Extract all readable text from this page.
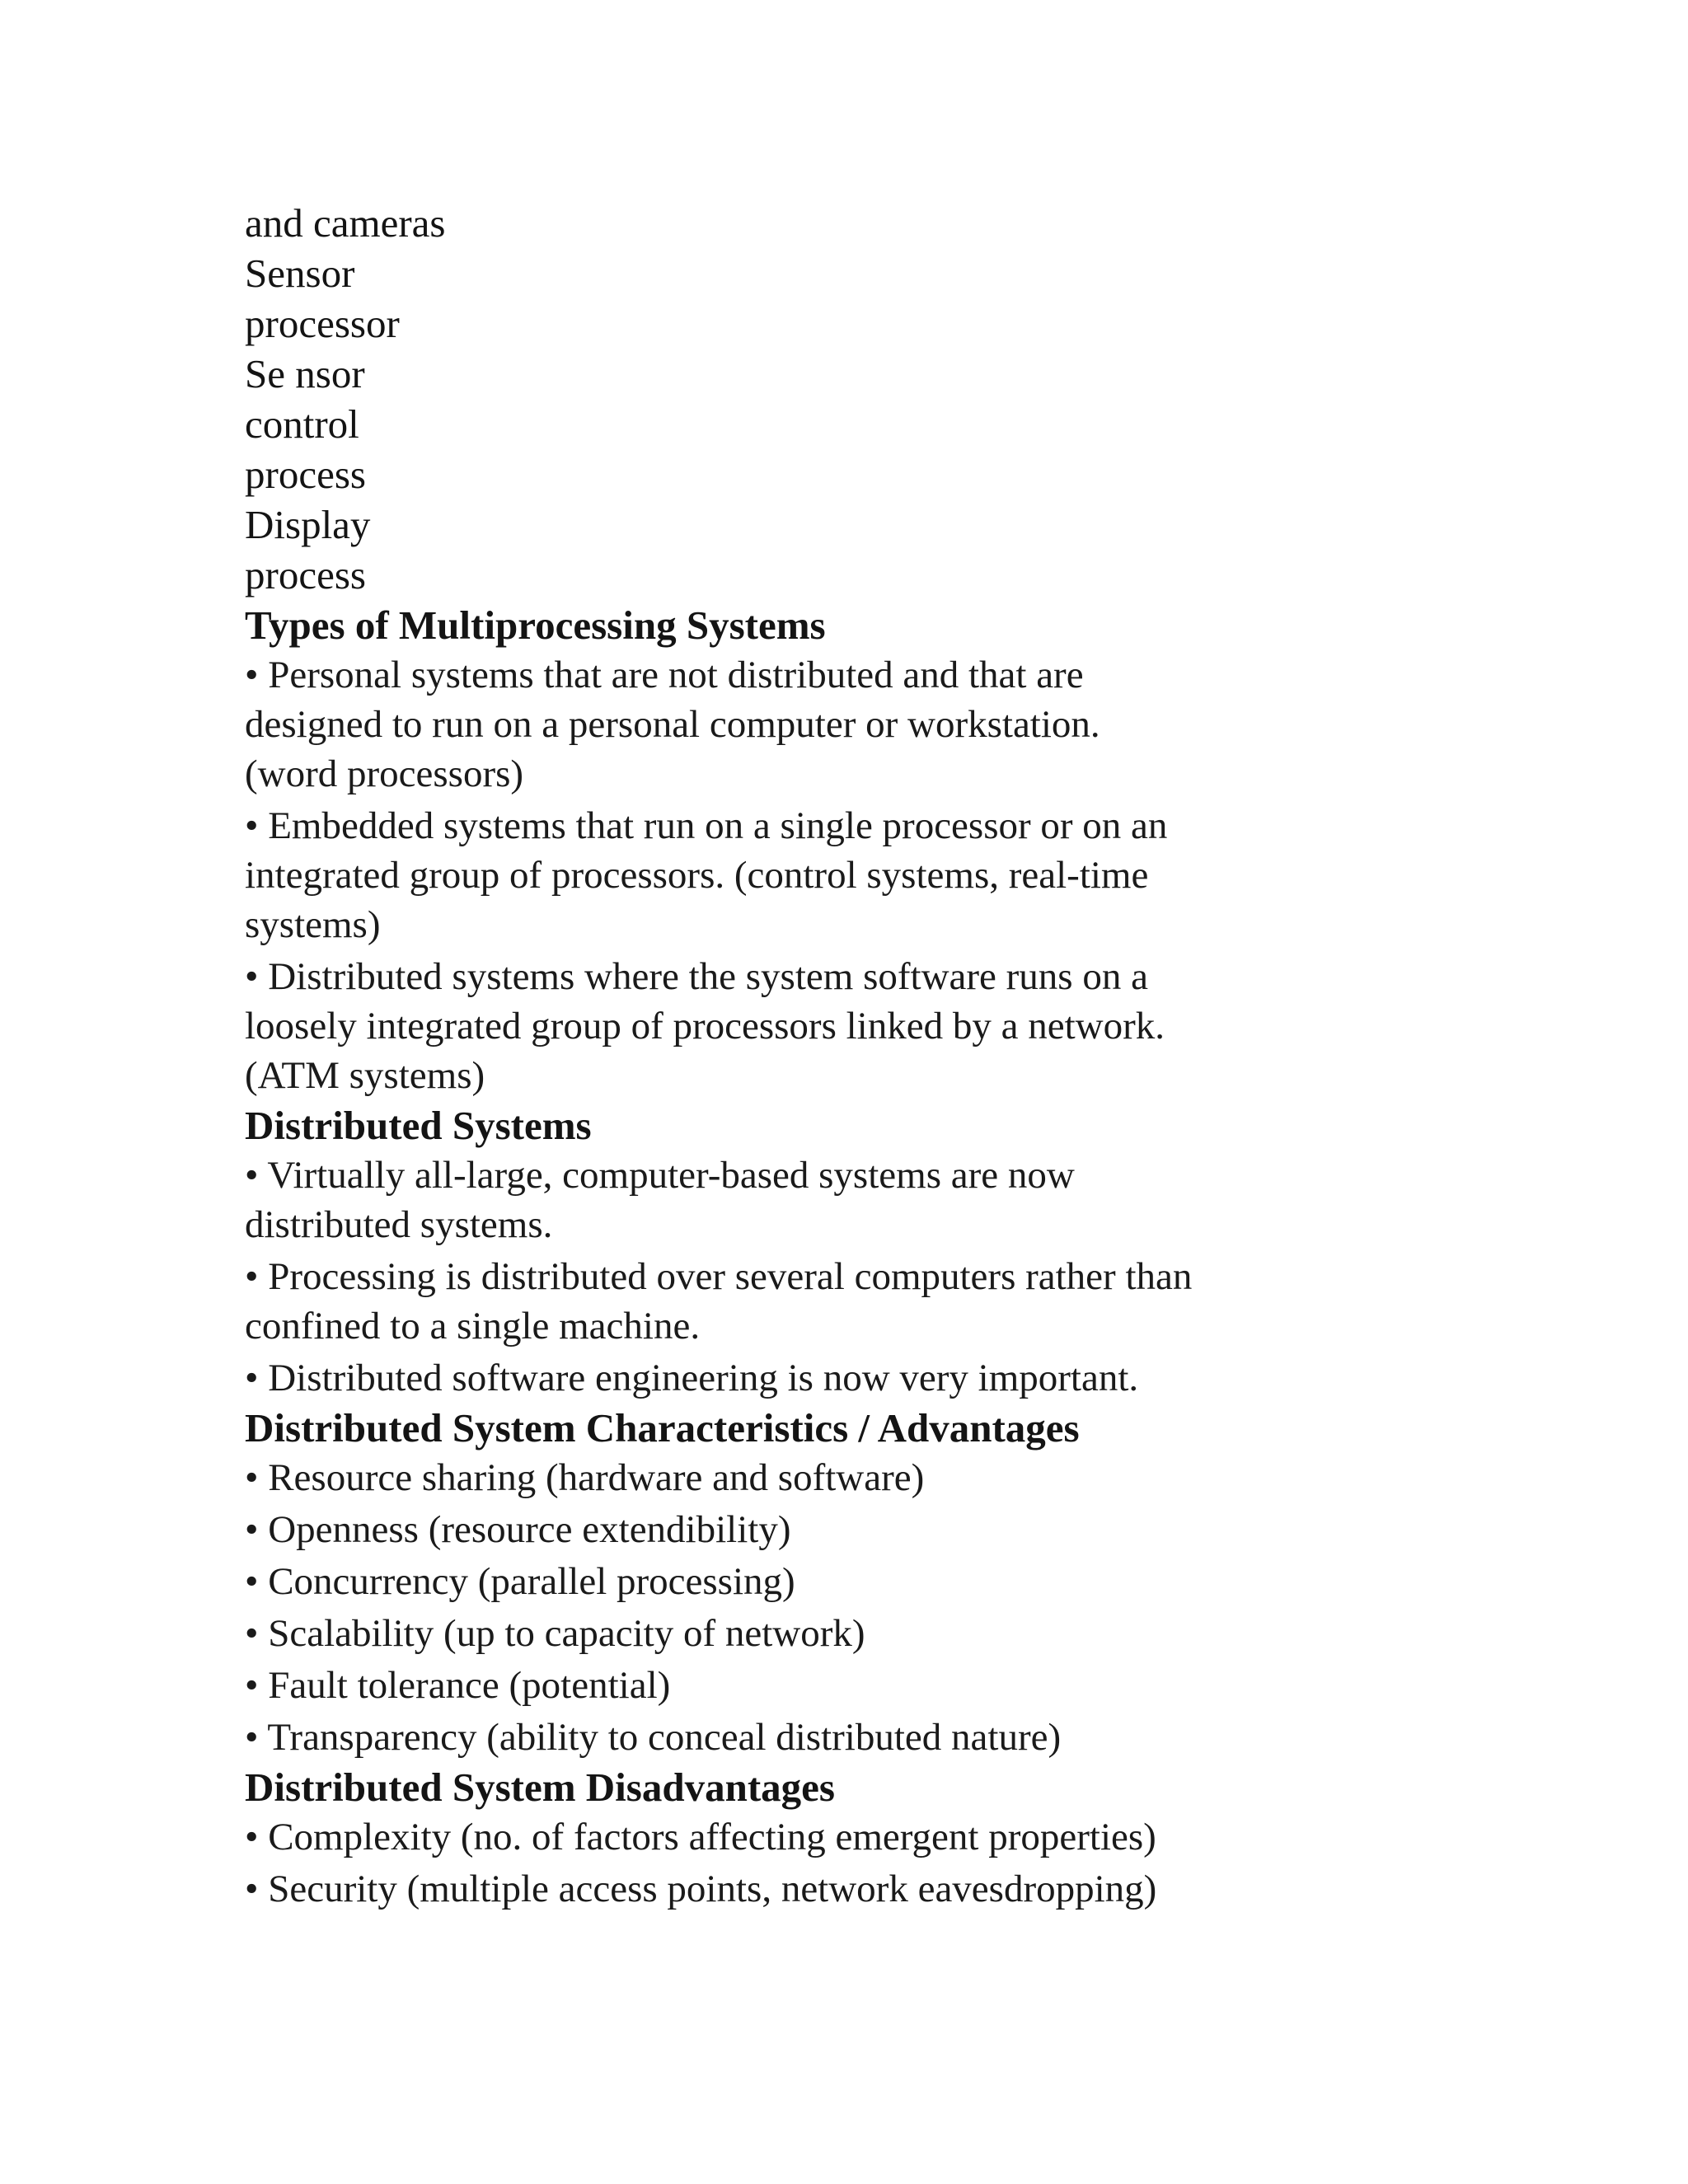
and cameras
Sensor
processor
Se nsor
control
process
Display
process
Types of Multiprocessing Systems
• Personal systems that are not distributed and that are
designed to run on a personal computer or workstation.
(word processors)
• Embedded systems that run on a single processor or on an
integrated group of processors. (control systems, real-time
systems)
• Distributed systems where the system software runs on a
loosely integrated group of processors linked by a network.
(ATM systems)
Distributed Systems
• Virtually all-large, computer-based systems are now
distributed systems.
• Processing is distributed over several computers rather than
confined to a single machine.
• Distributed software engineering is now very important.
Distributed System Characteristics / Advantages
• Resource sharing (hardware and software)
• Openness (resource extendibility)
• Concurrency (parallel processing)
• Scalability (up to capacity of network)
• Fault tolerance (potential)
• Transparency (ability to conceal distributed nature)
Distributed System Disadvantages
• Complexity (no. of factors affecting emergent properties)
• Security (multiple access points, network eavesdropping)
